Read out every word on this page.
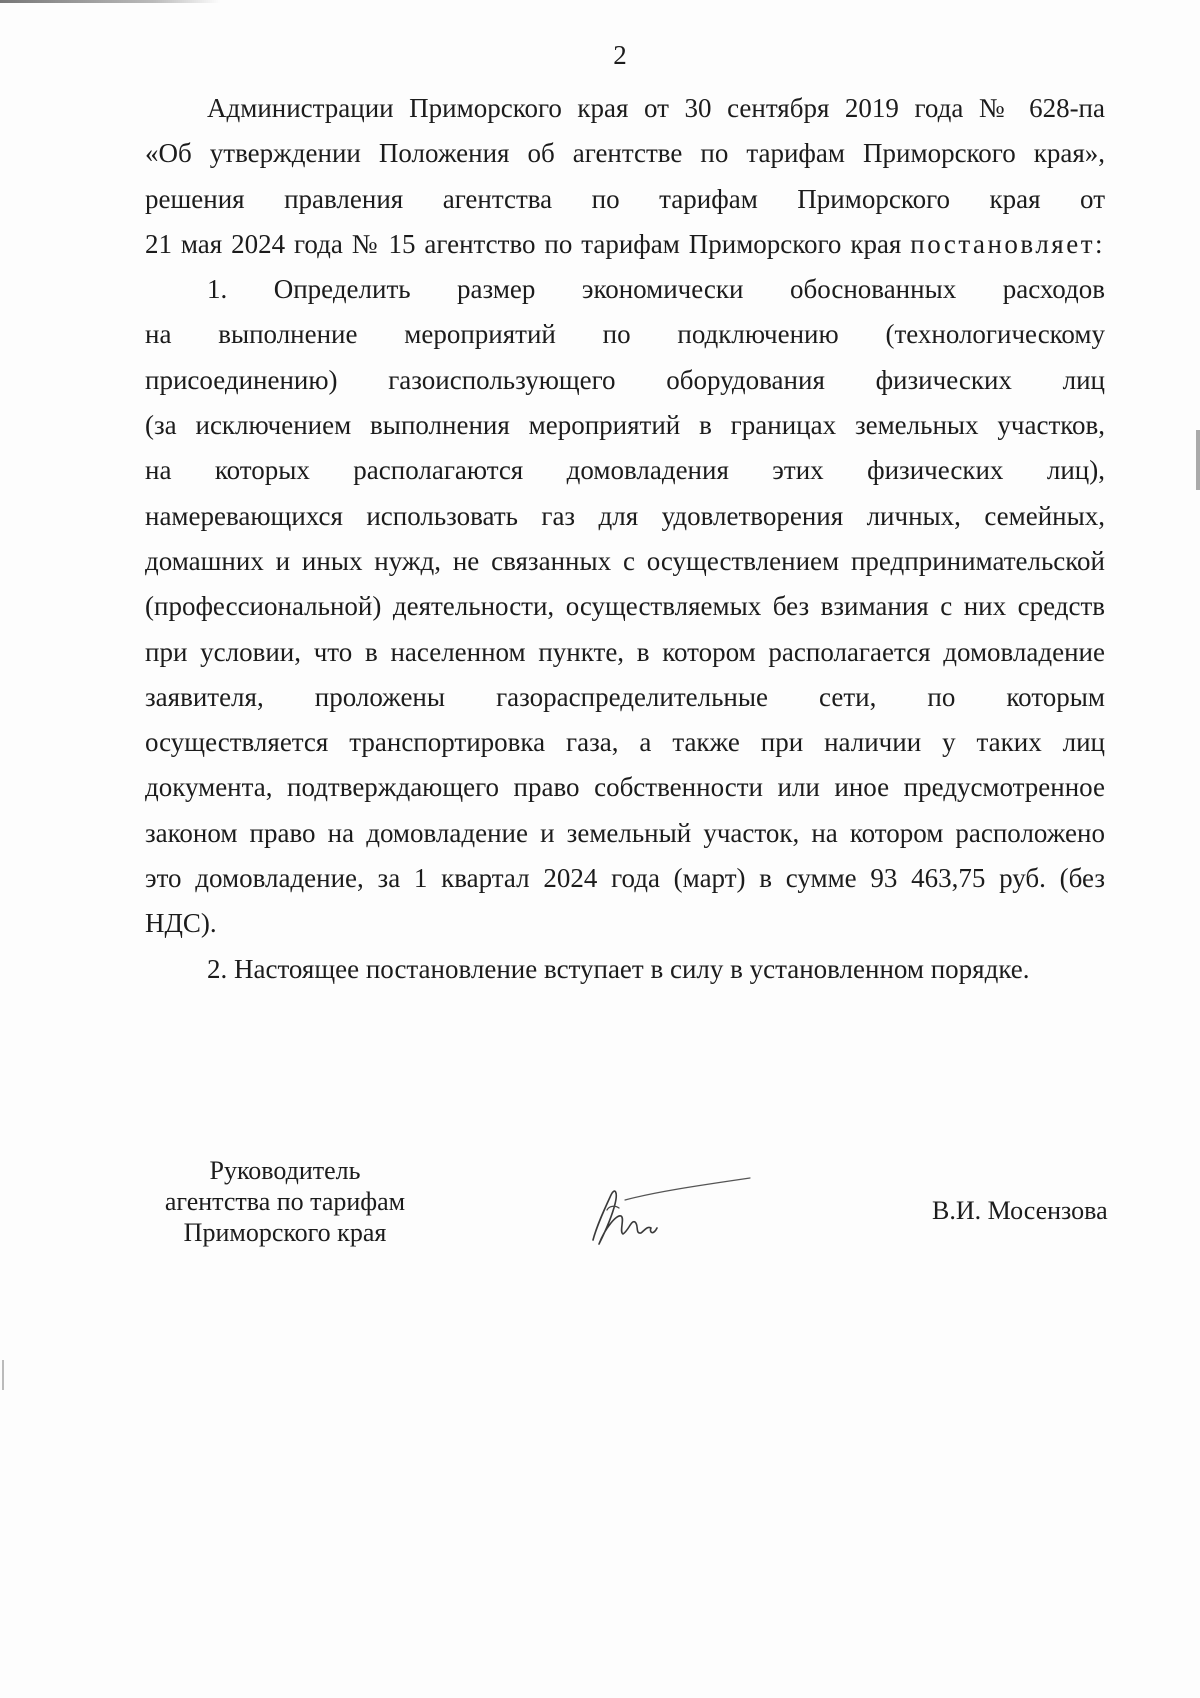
2
Администрации Приморского края от 30 сентября 2019 года № 628-па
«Об утверждении Положения об агентстве по тарифам Приморского края»,
решения правления агентства по тарифам Приморского края от
21 мая 2024 года № 15 агентство по тарифам Приморского края постановляет:
1. Определить размер экономически обоснованных расходов
на выполнение мероприятий по подключению (технологическому
присоединению) газоиспользующего оборудования физических лиц
(за исключением выполнения мероприятий в границах земельных участков,
на которых располагаются домовладения этих физических лиц),
намеревающихся использовать газ для удовлетворения личных, семейных,
домашних и иных нужд, не связанных с осуществлением предпринимательской
(профессиональной) деятельности, осуществляемых без взимания с них средств
при условии, что в населенном пункте, в котором располагается домовладение
заявителя, проложены газораспределительные сети, по которым
осуществляется транспортировка газа, а также при наличии у таких лиц
документа, подтверждающего право собственности или иное предусмотренное
законом право на домовладение и земельный участок, на котором расположено
это домовладение, за 1 квартал 2024 года (март) в сумме 93 463,75 руб. (без
НДС).
2. Настоящее постановление вступает в силу в установленном порядке.
Руководитель
агентства по тарифам
Приморского края
В.И. Мосензова
